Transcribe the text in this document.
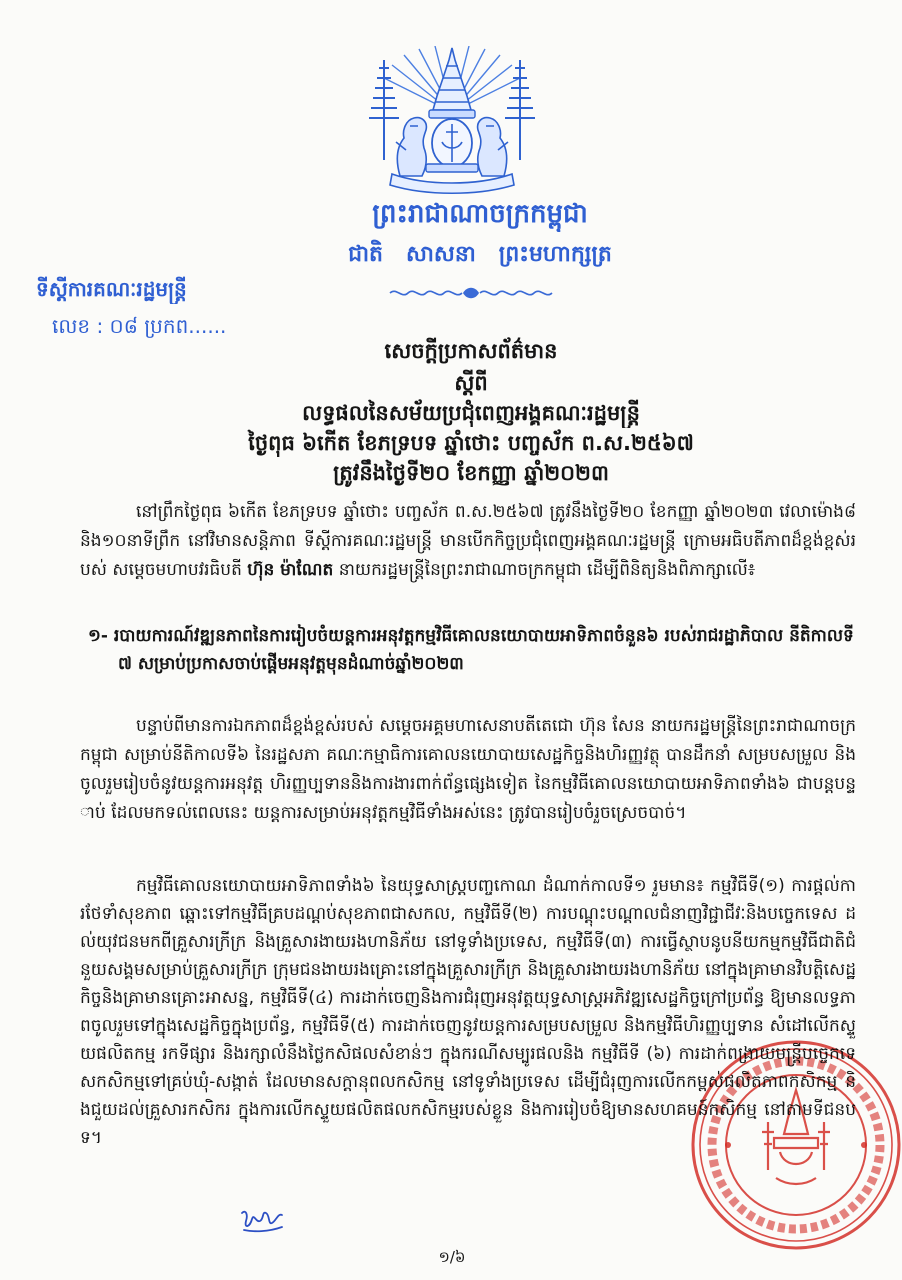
ព្រះរាជាណាចក្រកម្ពុជា
ជាតិ   សាសនា   ព្រះមហាក្សត្រ
ទីស្តីការគណៈរដ្ឋមន្ត្រី
លេខ : ០៨ ប្រកព......
សេចក្តីប្រកាសព័ត៌មាន
ស្តីពី
លទ្ធផលនៃសម័យប្រជុំពេញអង្គគណៈរដ្ឋមន្ត្រី
ថ្ងៃពុធ ៦កើត ខែភទ្របទ ឆ្នាំថោះ បញ្ចស័ក ព.ស.២៥៦៧
ត្រូវនឹងថ្ងៃទី២០ ខែកញ្ញា ឆ្នាំ២០២៣
នៅព្រឹកថ្ងៃពុធ ៦កើត ខែភទ្របទ ឆ្នាំថោះ បញ្ចស័ក ព.ស.២៥៦៧ ត្រូវនឹងថ្ងៃទី២០ ខែកញ្ញា ឆ្នាំ២០២៣ វេលាម៉ោង៨និង១០នាទីព្រឹក នៅវិមានសន្តិភាព ទីស្តីការគណៈរដ្ឋមន្ត្រី មានបើកកិច្ចប្រជុំពេញអង្គគណៈរដ្ឋមន្ត្រី ក្រោមអធិបតីភាពដ៏ខ្ពង់ខ្ពស់របស់ សម្តេចមហាបវរធិបតី ហ៊ុន ម៉ាណែត នាយករដ្ឋមន្ត្រីនៃព្រះរាជាណាចក្រកម្ពុជា ដើម្បីពិនិត្យនិងពិភាក្សាលើ៖
១- របាយការណ៍វឌ្ឍនភាពនៃការរៀបចំយន្តការអនុវត្តកម្មវិធីគោលនយោបាយអាទិភាពចំនួន៦ របស់រាជរដ្ឋាភិបាល នីតិកាលទី៧ សម្រាប់ប្រកាសចាប់ផ្តើមអនុវត្តមុនដំណាច់ឆ្នាំ២០២៣
បន្ទាប់ពីមានការឯកភាពដ៏ខ្ពង់ខ្ពស់របស់ សម្តេចអគ្គមហាសេនាបតីតេជោ ហ៊ុន សែន នាយករដ្ឋមន្ត្រីនៃព្រះរាជាណាចក្រកម្ពុជា សម្រាប់នីតិកាលទី៦ នៃរដ្ឋសភា គណៈកម្មាធិការគោលនយោបាយសេដ្ឋកិច្ចនិងហិរញ្ញវត្ថុ បានដឹកនាំ សម្របសម្រួល និងចូលរួមរៀបចំនូវយន្តការអនុវត្ត ហិរញ្ញប្បទាននិងការងារពាក់ព័ន្ធផ្សេងទៀត នៃកម្មវិធីគោលនយោបាយអាទិភាពទាំង៦ ជាបន្តបន្ទាប់ ដែលមកទល់ពេលនេះ យន្តការសម្រាប់អនុវត្តកម្មវិធីទាំងអស់នេះ ត្រូវបានរៀបចំរួចស្រេចបាច់។
កម្មវិធីគោលនយោបាយអាទិភាពទាំង៦ នៃយុទ្ធសាស្ត្របញ្ចកោណ ដំណាក់កាលទី១ រួមមាន៖ កម្មវិធីទី(១) ការផ្តល់ការថែទាំសុខភាព ឆ្ពោះទៅកម្មវិធីគ្របដណ្តប់សុខភាពជាសកល, កម្មវិធីទី(២) ការបណ្តុះបណ្តាលជំនាញវិជ្ជាជីវៈនិងបច្ចេកទេស ដល់យុវជនមកពីគ្រួសារក្រីក្រ និងគ្រួសារងាយរងហានិភ័យ នៅទូទាំងប្រទេស, កម្មវិធីទី(៣) ការធ្វើស្ថាបនូបនីយកម្មកម្មវិធីជាតិជំនួយសង្គមសម្រាប់គ្រួសារក្រីក្រ ក្រុមជនងាយរងគ្រោះនៅក្នុងគ្រួសារក្រីក្រ និងគ្រួសារងាយរងហានិភ័យ នៅក្នុងគ្រាមានវិបត្តិសេដ្ឋកិច្ចនិងគ្រាមានគ្រោះអាសន្ន, កម្មវិធីទី(៤) ការដាក់ចេញនិងការជំរុញអនុវត្តយុទ្ធសាស្ត្រអភិវឌ្ឍសេដ្ឋកិច្ចក្រៅប្រព័ន្ធ ឱ្យមានលទ្ធភាពចូលរួមទៅក្នុងសេដ្ឋកិច្ចក្នុងប្រព័ន្ធ, កម្មវិធីទី(៥) ការដាក់ចេញនូវយន្តការសម្របសម្រួល និងកម្មវិធីហិរញ្ញប្បទាន សំដៅលើកស្ទួយផលិតកម្ម រកទីផ្សារ និងរក្សាលំនឹងថ្លៃកសិផលសំខាន់ៗ ក្នុងករណីសម្បូរផលនិង កម្មវិធីទី (៦) ការដាក់ពង្រាយមន្ត្រីបច្ចេកទេសកសិកម្មទៅគ្រប់ឃុំ-សង្កាត់ ដែលមានសក្តានុពលកសិកម្ម នៅទូទាំងប្រទេស ដើម្បីជំរុញការលើកកម្ពស់ផលិតភាពកសិកម្ម និងជួយដល់គ្រួសារកសិករ ក្នុងការលើកស្ទួយផលិតផលកសិកម្មរបស់ខ្លួន និងការរៀបចំឱ្យមានសហគមន៍កសិកម្ម នៅតាមទីជនបទ។
១/៦
